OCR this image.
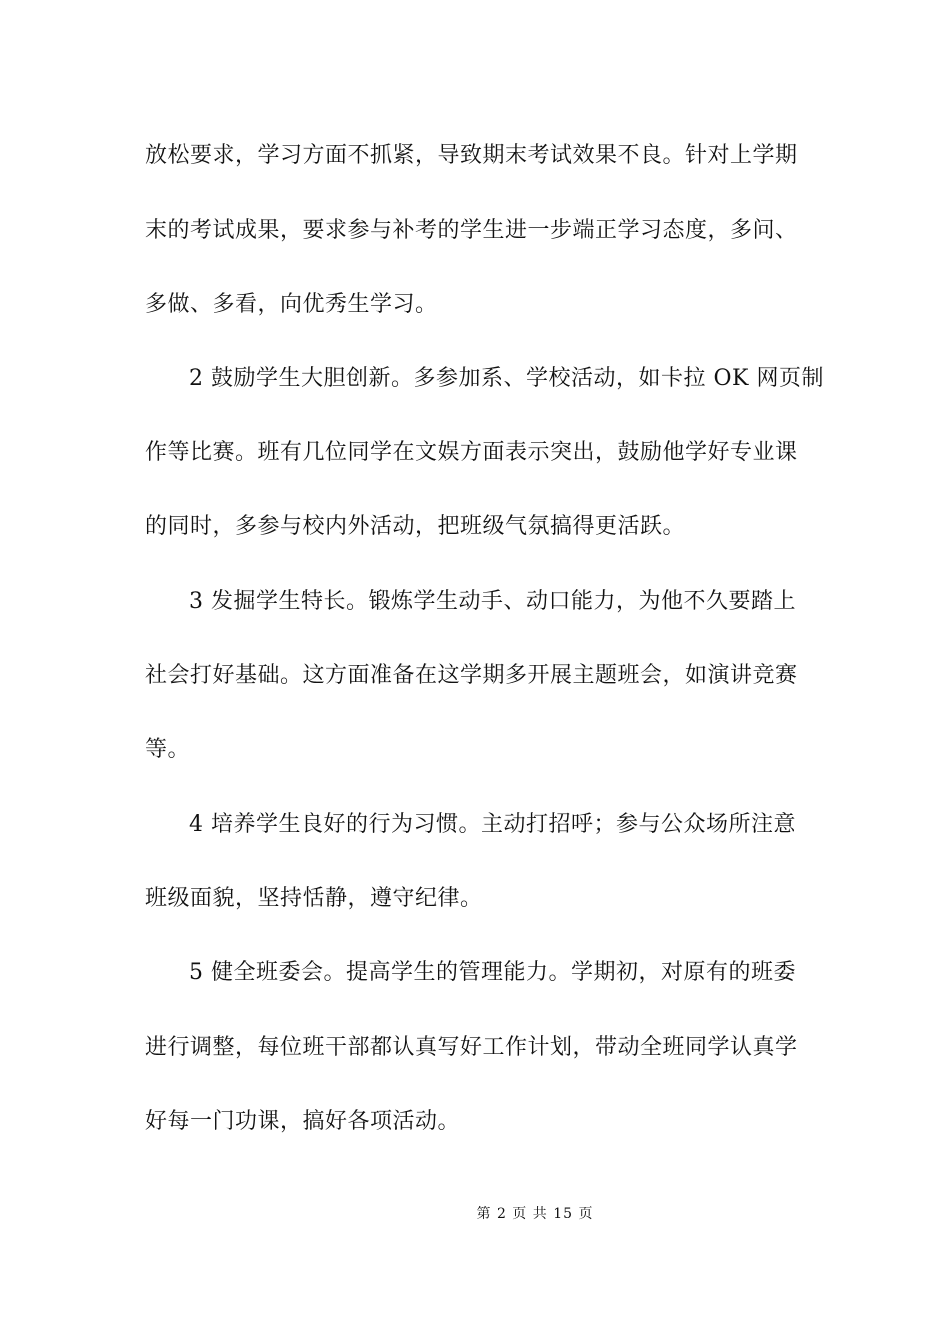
放松要求，学习方面不抓紧，导致期末考试效果不良。针对上学期
末的考试成果，要求参与补考的学生进一步端正学习态度，多问、
多做、多看，向优秀生学习。
2 鼓励学生大胆创新。多参加系、学校活动，如卡拉 OK 网页制
作等比赛。班有几位同学在文娱方面表示突出，鼓励他学好专业课
的同时，多参与校内外活动，把班级气氛搞得更活跃。
3 发掘学生特长。锻炼学生动手、动口能力，为他不久要踏上
社会打好基础。这方面准备在这学期多开展主题班会，如演讲竞赛
等。
4 培养学生良好的行为习惯。主动打招呼；参与公众场所注意
班级面貌，坚持恬静，遵守纪律。
5 健全班委会。提高学生的管理能力。学期初，对原有的班委
进行调整，每位班干部都认真写好工作计划，带动全班同学认真学
好每一门功课，搞好各项活动。
第 2 页 共 15 页
